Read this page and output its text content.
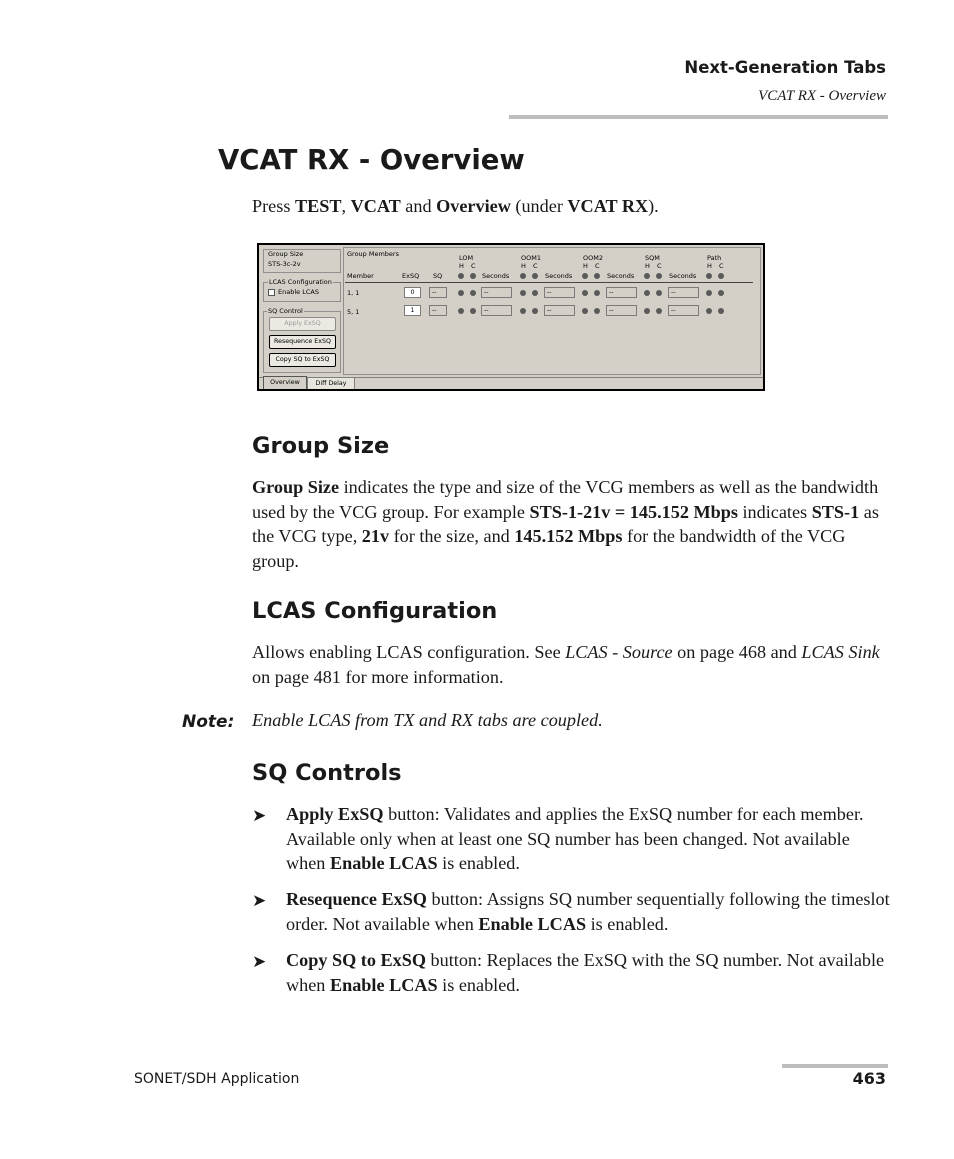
Next-Generation Tabs
VCAT RX - Overview
VCAT RX - Overview

Press TEST, VCAT and Overview (under VCAT RX).

Group Size
STS-3c-2v
LCAS Configuration
Enable LCAS
SQ Control
Apply ExSQ
Resequence ExSQ
Copy SQ to ExSQ
Group Members	LOM	OOM1	OOM2	SQM	Path
H C	H C	H C	H C	H C
Member	ExSQ SQ	Seconds	Seconds	Seconds	Seconds
1, 1	0	--	--	--	--	--
5, 1	1	--	--	--	--	--
Overview	Diff Delay
Group Size

Group Size indicates the type and size of the VCG members as well as the bandwidth used by the VCG group. For example STS-1-21v = 145.152 Mbps indicates STS-1 as the VCG type, 21v for the size, and 145.152 Mbps for the bandwidth of the VCG group.

LCAS Configuration

Allows enabling LCAS configuration. See LCAS - Source on page 468 and LCAS Sink on page 481 for more information.

Note: Enable LCAS from TX and RX tabs are coupled.
SQ Controls
➤ Apply ExSQ button: Validates and applies the ExSQ number for each member. Available only when at least one SQ number has been changed. Not available when Enable LCAS is enabled.

➤ Resequence ExSQ button: Assigns SQ number sequentially following the timeslot order. Not available when Enable LCAS is enabled.

➤ Copy SQ to ExSQ button: Replaces the ExSQ with the SQ number. Not available when Enable LCAS is enabled.

SONET/SDH Application	463
